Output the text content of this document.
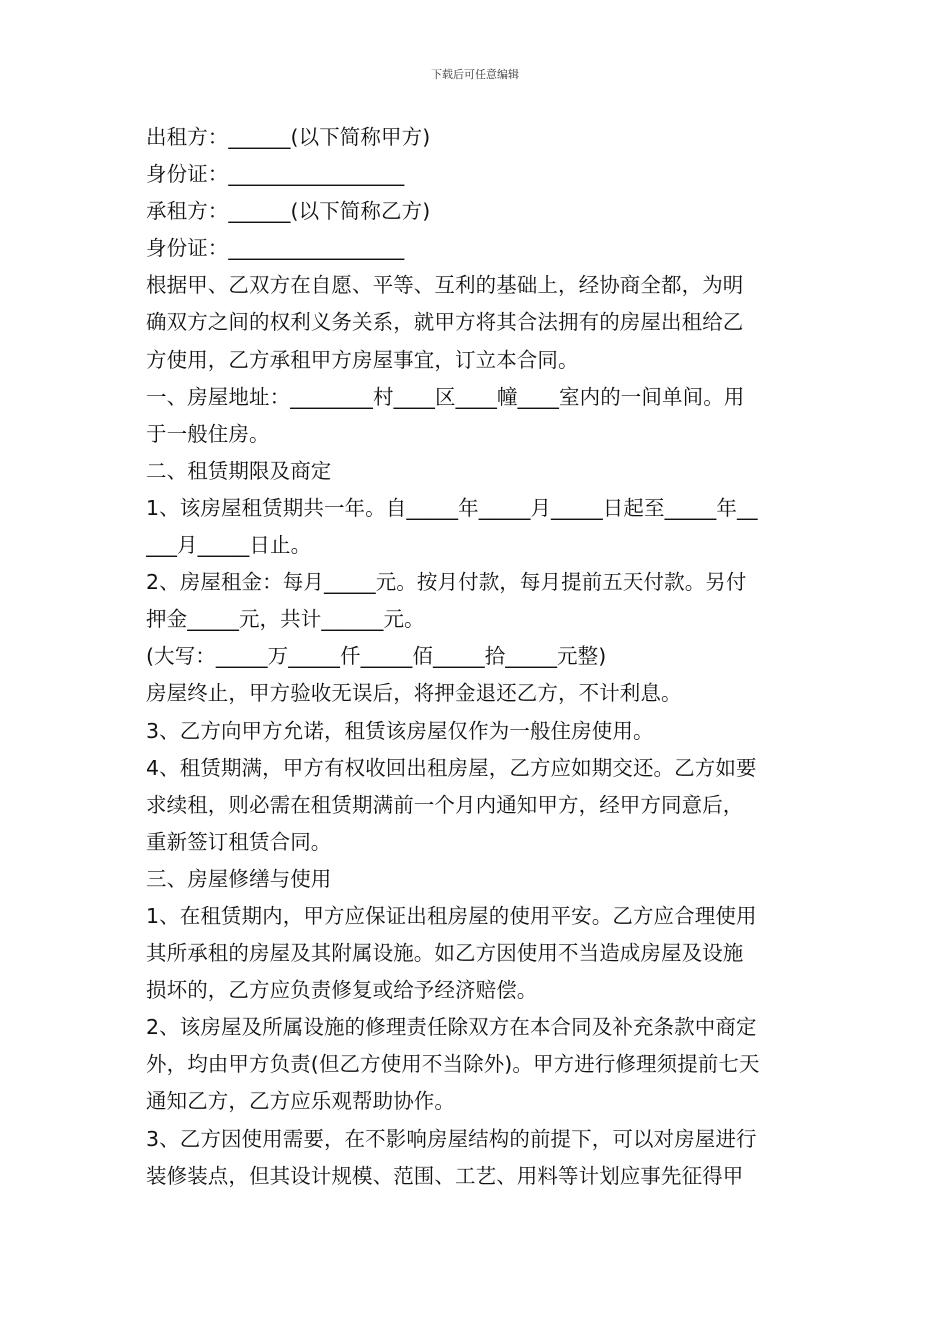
下载后可任意编辑
出租方：______(以下简称甲方)
身份证：_________________
承租方：______(以下简称乙方)
身份证：_________________
根据甲、乙双方在自愿、平等、互利的基础上，经协商全都，为明
确双方之间的权利义务关系，就甲方将其合法拥有的房屋出租给乙
方使用，乙方承租甲方房屋事宜，订立本合同。
一、房屋地址：________村____区____幢____室内的一间单间。用
于一般住房。
二、租赁期限及商定
1、该房屋租赁期共一年。自_____年_____月_____日起至_____年__
___月_____日止。
2、房屋租金：每月_____元。按月付款，每月提前五天付款。另付
押金_____元，共计______元。
(大写：_____万_____仟_____佰_____拾_____元整)
房屋终止，甲方验收无误后，将押金退还乙方，不计利息。
3、乙方向甲方允诺，租赁该房屋仅作为一般住房使用。
4、租赁期满，甲方有权收回出租房屋，乙方应如期交还。乙方如要
求续租，则必需在租赁期满前一个月内通知甲方，经甲方同意后，
重新签订租赁合同。
三、房屋修缮与使用
1、在租赁期内，甲方应保证出租房屋的使用平安。乙方应合理使用
其所承租的房屋及其附属设施。如乙方因使用不当造成房屋及设施
损坏的，乙方应负责修复或给予经济赔偿。
2、该房屋及所属设施的修理责任除双方在本合同及补充条款中商定
外，均由甲方负责(但乙方使用不当除外)。甲方进行修理须提前七天
通知乙方，乙方应乐观帮助协作。
3、乙方因使用需要，在不影响房屋结构的前提下，可以对房屋进行
装修装点，但其设计规模、范围、工艺、用料等计划应事先征得甲
